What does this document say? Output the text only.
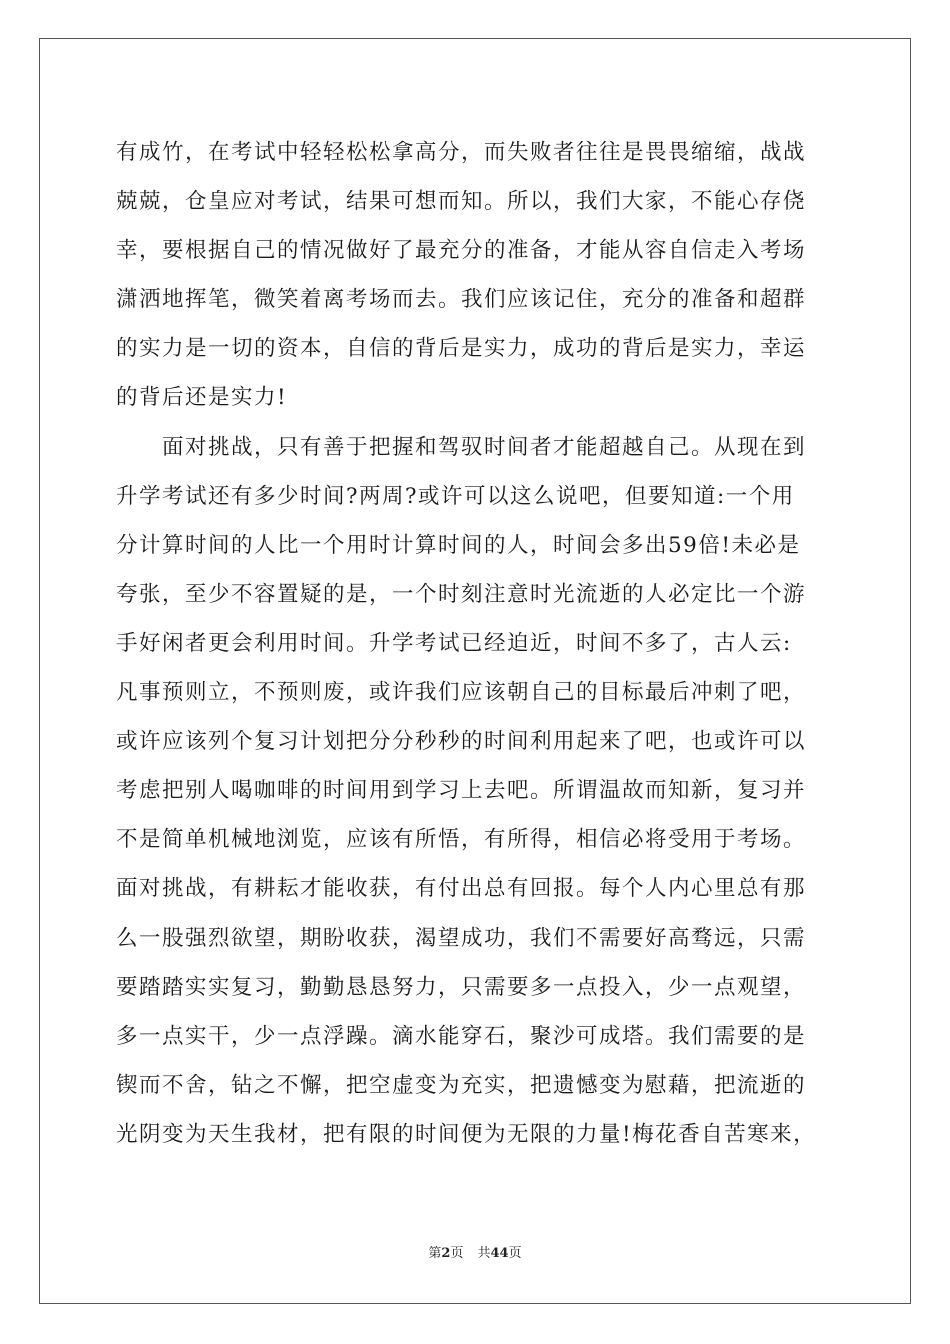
有成竹，在考试中轻轻松松拿高分，而失败者往往是畏畏缩缩，战战
兢兢，仓皇应对考试，结果可想而知。所以，我们大家，不能心存侥
幸，要根据自己的情况做好了最充分的准备，才能从容自信走入考场
潇洒地挥笔，微笑着离考场而去。我们应该记住，充分的准备和超群
的实力是一切的资本，自信的背后是实力，成功的背后是实力，幸运
的背后还是实力!
　　面对挑战，只有善于把握和驾驭时间者才能超越自己。从现在到
升学考试还有多少时间?两周?或许可以这么说吧，但要知道:一个用
分计算时间的人比一个用时计算时间的人，时间会多出59倍!未必是
夸张，至少不容置疑的是，一个时刻注意时光流逝的人必定比一个游
手好闲者更会利用时间。升学考试已经迫近，时间不多了，古人云:
凡事预则立，不预则废，或许我们应该朝自己的目标最后冲刺了吧，
或许应该列个复习计划把分分秒秒的时间利用起来了吧，也或许可以
考虑把别人喝咖啡的时间用到学习上去吧。所谓温故而知新，复习并
不是简单机械地浏览，应该有所悟，有所得，相信必将受用于考场。
面对挑战，有耕耘才能收获，有付出总有回报。每个人内心里总有那
么一股强烈欲望，期盼收获，渴望成功，我们不需要好高骛远，只需
要踏踏实实复习，勤勤恳恳努力，只需要多一点投入，少一点观望，
多一点实干，少一点浮躁。滴水能穿石，聚沙可成塔。我们需要的是
锲而不舍，钻之不懈，把空虚变为充实，把遗憾变为慰藉，把流逝的
光阴变为天生我材，把有限的时间便为无限的力量!梅花香自苦寒来，
第2页 共44页
